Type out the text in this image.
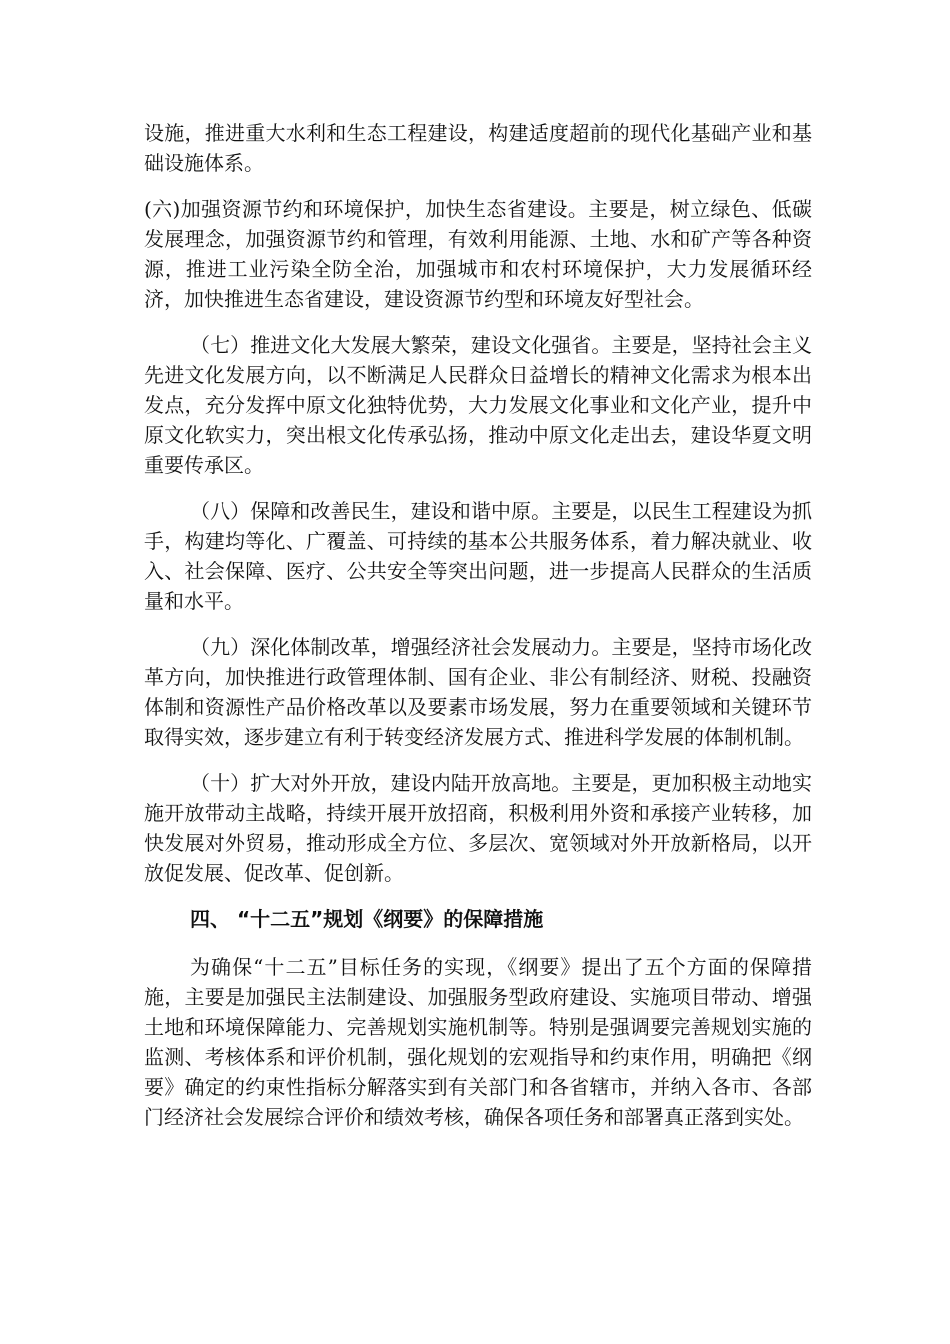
设施，推进重大水利和生态工程建设，构建适度超前的现代化基础产业和基础设施体系。

(六)加强资源节约和环境保护，加快生态省建设。主要是，树立绿色、低碳发展理念，加强资源节约和管理，有效利用能源、土地、水和矿产等各种资源，推进工业污染全防全治，加强城市和农村环境保护，大力发展循环经济，加快推进生态省建设，建设资源节约型和环境友好型社会。

（七）推进文化大发展大繁荣，建设文化强省。主要是，坚持社会主义先进文化发展方向，以不断满足人民群众日益增长的精神文化需求为根本出发点，充分发挥中原文化独特优势，大力发展文化事业和文化产业，提升中原文化软实力，突出根文化传承弘扬，推动中原文化走出去，建设华夏文明重要传承区。

（八）保障和改善民生，建设和谐中原。主要是，以民生工程建设为抓手，构建均等化、广覆盖、可持续的基本公共服务体系，着力解决就业、收入、社会保障、医疗、公共安全等突出问题，进一步提高人民群众的生活质量和水平。

（九）深化体制改革，增强经济社会发展动力。主要是，坚持市场化改革方向，加快推进行政管理体制、国有企业、非公有制经济、财税、投融资体制和资源性产品价格改革以及要素市场发展，努力在重要领域和关键环节取得实效，逐步建立有利于转变经济发展方式、推进科学发展的体制机制。

（十）扩大对外开放，建设内陆开放高地。主要是，更加积极主动地实施开放带动主战略，持续开展开放招商，积极利用外资和承接产业转移，加快发展对外贸易，推动形成全方位、多层次、宽领域对外开放新格局，以开放促发展、促改革、促创新。

四、 “十二五”规划《纲要》的保障措施

为确保“十二五”目标任务的实现，《纲要》提出了五个方面的保障措施，主要是加强民主法制建设、加强服务型政府建设、实施项目带动、增强土地和环境保障能力、完善规划实施机制等。特别是强调要完善规划实施的监测、考核体系和评价机制，强化规划的宏观指导和约束作用，明确把《纲要》确定的约束性指标分解落实到有关部门和各省辖市，并纳入各市、各部门经济社会发展综合评价和绩效考核，确保各项任务和部署真正落到实处。
